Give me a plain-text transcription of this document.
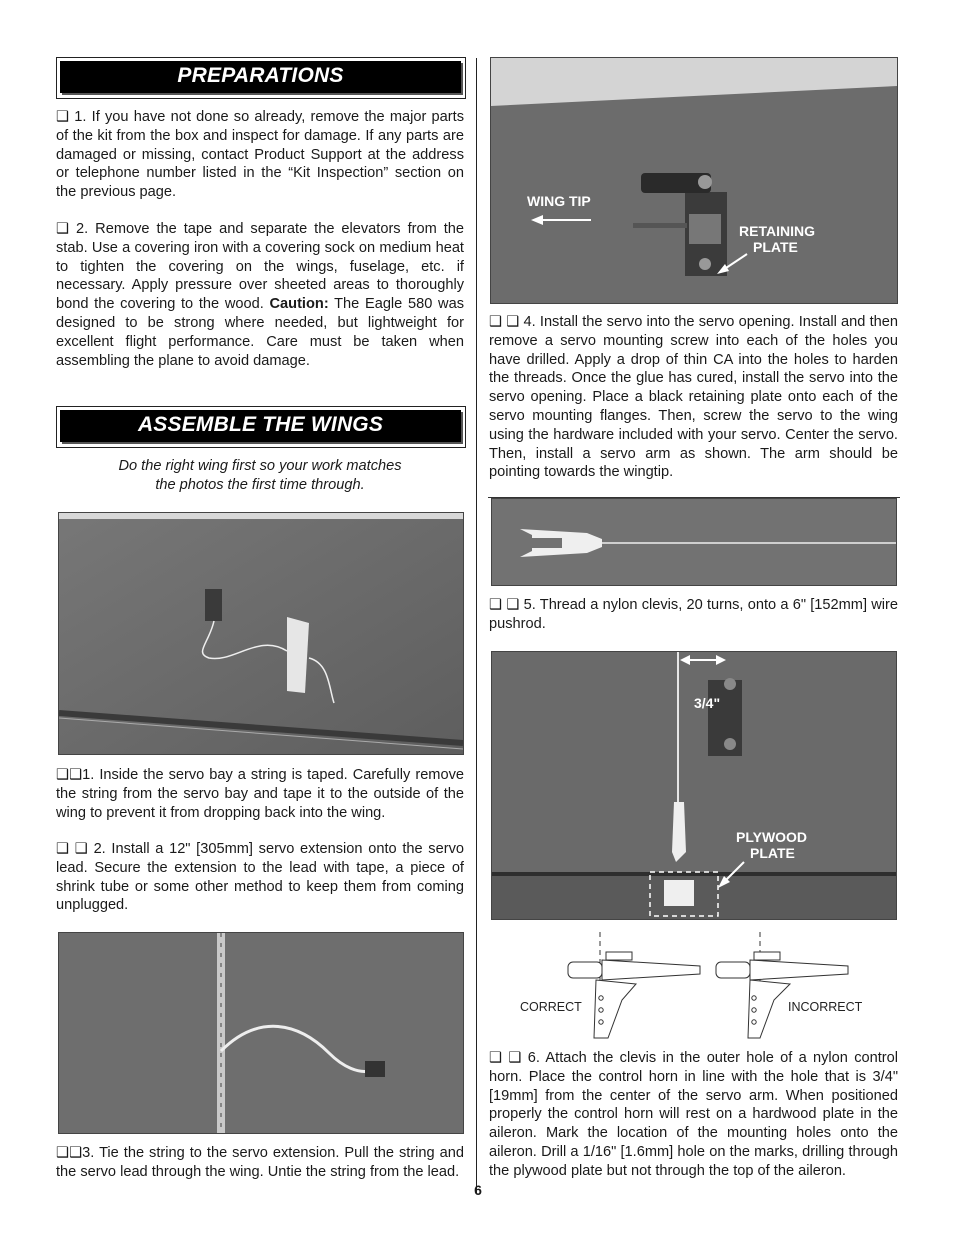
PREPARATIONS

❑ 1. If you have not done so already, remove the major parts of the kit from the box and inspect for damage. If any parts are damaged or missing, contact Product Support at the address or telephone number listed in the “Kit Inspection” section on the previous page.

❑ 2. Remove the tape and separate the elevators from the stab. Use a covering iron with a covering sock on medium heat to tighten the covering on the wings, fuselage, etc. if necessary. Apply pressure over sheeted areas to thoroughly bond the covering to the wood. Caution: The Eagle 580 was designed to be strong where needed, but lightweight for excellent flight performance. Care must be taken when assembling the plane to avoid damage.

ASSEMBLE THE WINGS
Do the right wing first so your work matches
the photos the first time through.

❑❑1. Inside the servo bay a string is taped. Carefully remove the string from the servo bay and tape it to the outside of the wing to prevent it from dropping back into the wing.

❑ ❑ 2. Install a 12" [305mm] servo extension onto the servo lead. Secure the extension to the lead with tape, a piece of shrink tube or some other method to keep them from coming unplugged.

❑❑3. Tie the string to the servo extension. Pull the string and the servo lead through the wing. Untie the string from the lead.

WING TIP
RETAINING
PLATE

❑ ❑ 4. Install the servo into the servo opening. Install and then remove a servo mounting screw into each of the holes you have drilled. Apply a drop of thin CA into the holes to harden the threads. Once the glue has cured, install the servo into the servo opening. Place a black retaining plate onto each of the servo mounting flanges. Then, screw the servo to the wing using the hardware included with your servo. Center the servo. Then, install a servo arm as shown. The arm should be pointing towards the wingtip.

❑ ❑ 5. Thread a nylon clevis, 20 turns, onto a 6" [152mm] wire pushrod.

3/4"
PLYWOOD
PLATE
CORRECT	INCORRECT

❑ ❑ 6. Attach the clevis in the outer hole of a nylon control horn. Place the control horn in line with the hole that is 3/4" [19mm] from the center of the servo arm. When positioned properly the control horn will rest on a hardwood plate in the aileron. Mark the location of the mounting holes onto the aileron. Drill a 1/16" [1.6mm] hole on the marks, drilling through the plywood plate but not through the top of the aileron.

6
